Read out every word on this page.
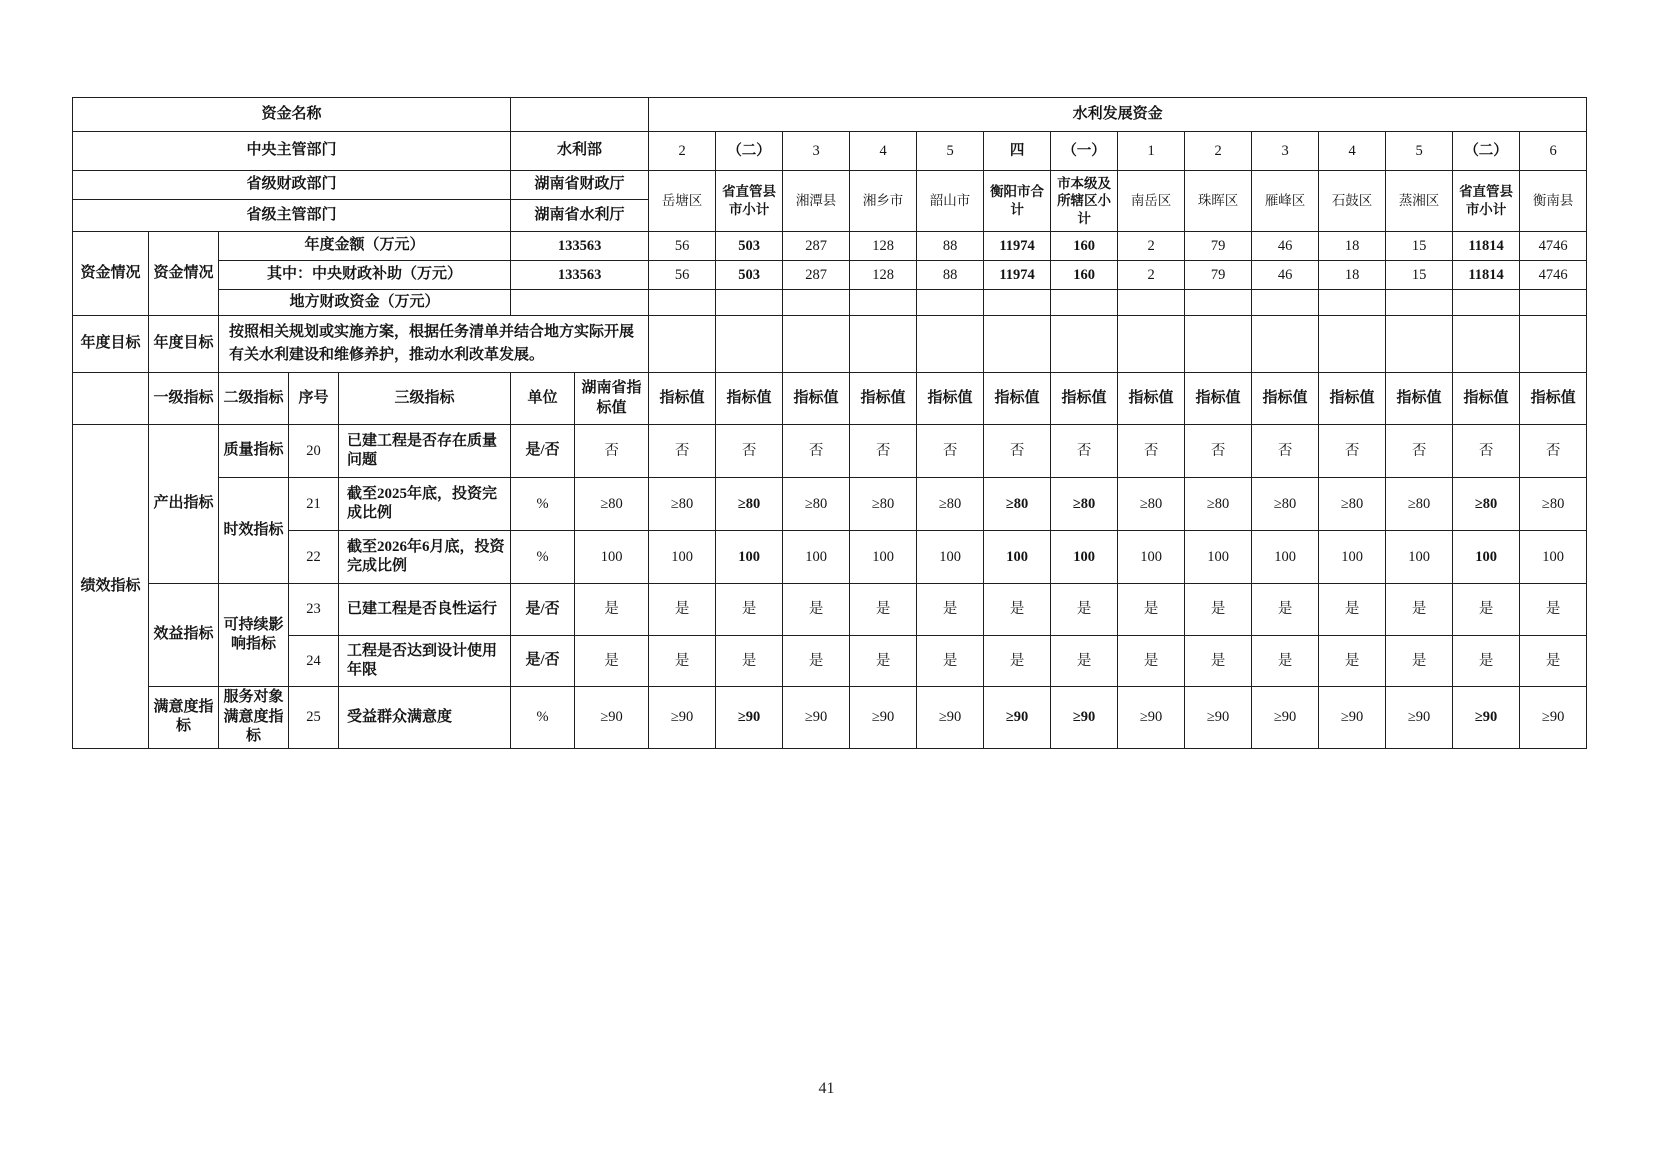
资金名称							水利发展资金													
中央主管部门					水利部		2	（二）	3	4	5	四	（一）	1	2	3	4	5	（二）	6
省级财政部门					湖南省财政厅		岳塘区	省直管县市小计	湘潭县	湘乡市	韶山市	衡阳市合计	市本级及所辖区小计	南岳区	珠晖区	雁峰区	石鼓区	蒸湘区	省直管县市小计	衡南县
省级主管部门					湖南省水利厅															
资金情况	资金情况	年度金额（万元）			133563		56	503	287	128	88	11974	160	2	79	46	18	15	11814	4746
		其中：中央财政补助（万元）			133563		56	503	287	128	88	11974	160	2	79	46	18	15	11814	4746
		地方财政资金（万元）																		
年度目标	年度目标	按照相关规划或实施方案，根据任务清单并结合地方实际开展有关水利建设和维修养护，推动水利改革发展。																		
	一级指标	二级指标	序号	三级指标	单位	湖南省指标值	指标值	指标值	指标值	指标值	指标值	指标值	指标值	指标值	指标值	指标值	指标值	指标值	指标值	指标值
绩效指标	产出指标	质量指标	20	已建工程是否存在质量问题	是/否	否	否	否	否	否	否	否	否	否	否	否	否	否	否	否
		时效指标	21	截至2025年底，投资完成比例	%	≥80	≥80	≥80	≥80	≥80	≥80	≥80	≥80	≥80	≥80	≥80	≥80	≥80	≥80	≥80
			22	截至2026年6月底，投资完成比例	%	100	100	100	100	100	100	100	100	100	100	100	100	100	100	100
	效益指标	可持续影响指标	23	已建工程是否良性运行	是/否	是	是	是	是	是	是	是	是	是	是	是	是	是	是	是
			24	工程是否达到设计使用年限	是/否	是	是	是	是	是	是	是	是	是	是	是	是	是	是	是
	满意度指标	服务对象满意度指标	25	受益群众满意度	%	≥90	≥90	≥90	≥90	≥90	≥90	≥90	≥90	≥90	≥90	≥90	≥90	≥90	≥90	≥90
41
